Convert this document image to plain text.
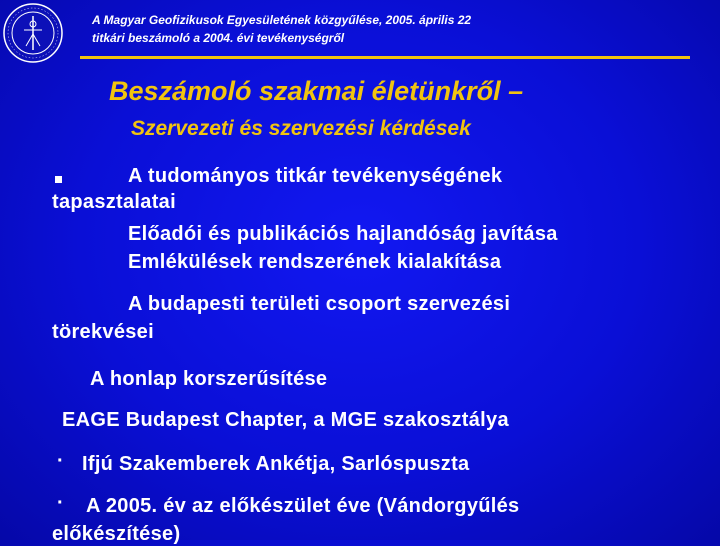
A Magyar Geofizikusok Egyesületének közgyűlése, 2005. április 22
titkári beszámoló a 2004. évi tevékenységről
Beszámoló szakmai életünkről –
Szervezeti és szervezési kérdések
A tudományos titkár tevékenységének
tapasztalatai
Előadói és publikációs hajlandóság javítása
Emlékülések rendszerének kialakítása
A budapesti területi csoport szervezési
törekvései
A honlap korszerűsítése
EAGE Budapest Chapter, a MGE szakosztálya
· Ifjú Szakemberek Ankétja, Sarlóspuszta
· A 2005. év az előkészület éve (Vándorgyűlés
előkészítése)
